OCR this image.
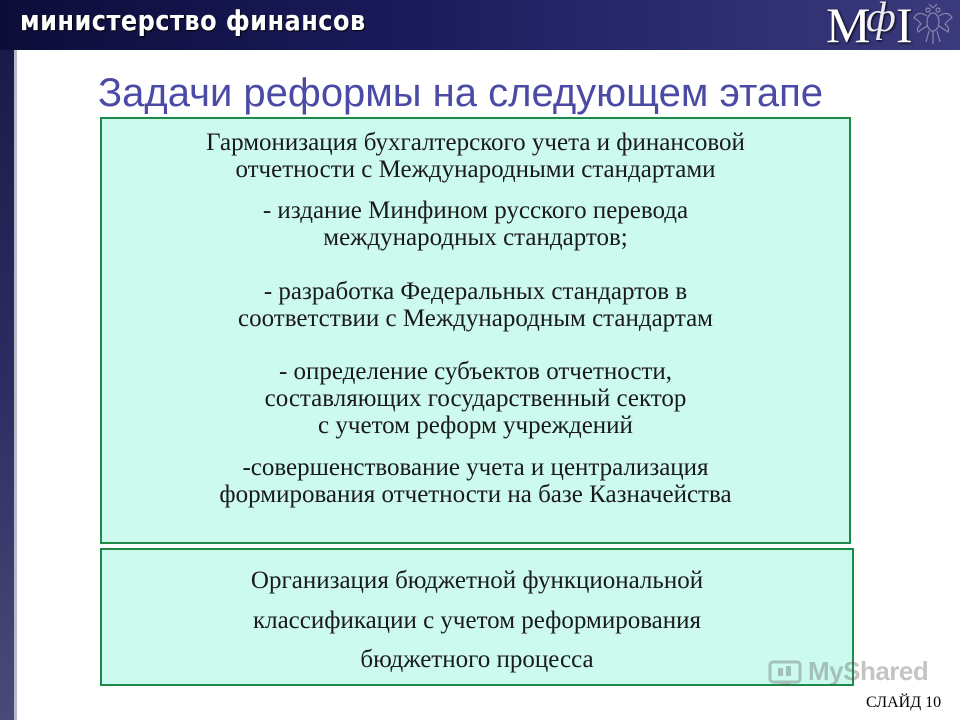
министерство финансов	М
ф I
Задачи реформы на следующем этапе
Гармонизация бухгалтерского учета и финансовой
отчетности с Международными стандартами
- издание Минфином русского перевода
международных стандартов;
- разработка Федеральных стандартов в
соответствии с Международным стандартам
- определение субъектов отчетности,
составляющих государственный сектор
с учетом реформ учреждений
-совершенствование учета и централизация
формирования отчетности на базе Казначейства
Организация бюджетной функциональной
классификации с учетом реформирования
бюджетного процесса	MyShared
СЛАЙД 10
